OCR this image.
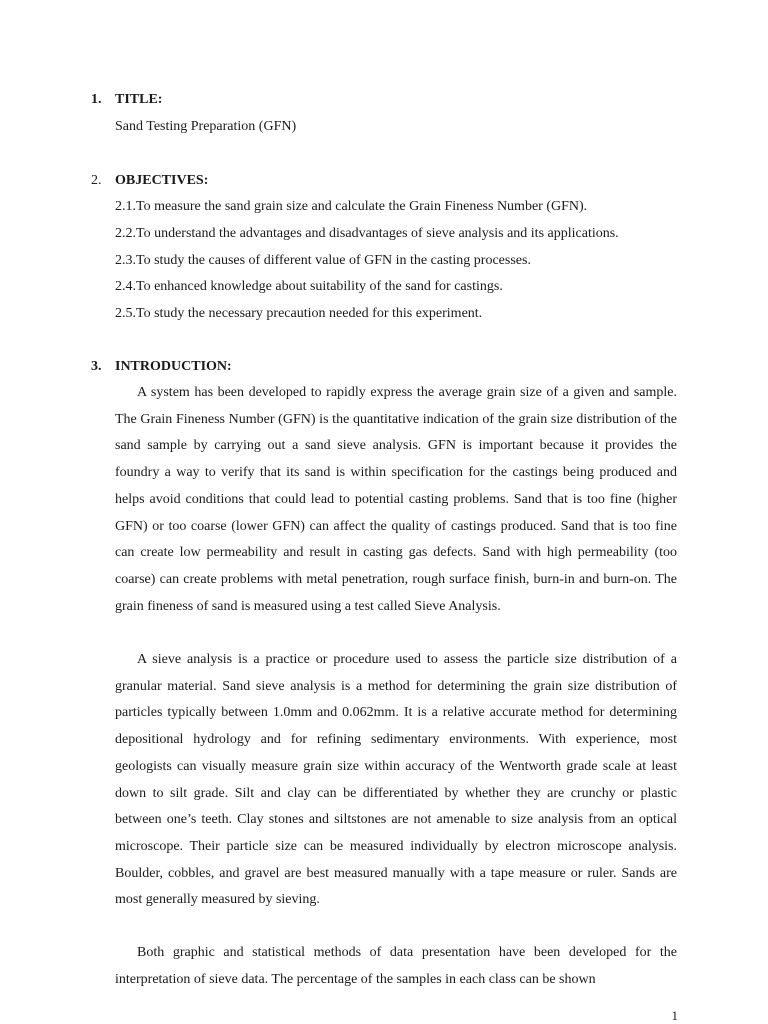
1. TITLE:
Sand Testing Preparation (GFN)
2. OBJECTIVES:
2.1.To measure the sand grain size and calculate the Grain Fineness Number (GFN).
2.2.To understand the advantages and disadvantages of sieve analysis and its applications.
2.3.To study the causes of different value of GFN in the casting processes.
2.4.To enhanced knowledge about suitability of the sand for castings.
2.5.To study the necessary precaution needed for this experiment.
3. INTRODUCTION:

A system has been developed to rapidly express the average grain size of a given and sample. The Grain Fineness Number (GFN) is the quantitative indication of the grain size distribution of the sand sample by carrying out a sand sieve analysis. GFN is important because it provides the foundry a way to verify that its sand is within specification for the castings being produced and helps avoid conditions that could lead to potential casting problems. Sand that is too fine (higher GFN) or too coarse (lower GFN) can affect the quality of castings produced. Sand that is too fine can create low permeability and result in casting gas defects. Sand with high permeability (too coarse) can create problems with metal penetration, rough surface finish, burn-in and burn-on. The grain fineness of sand is measured using a test called Sieve Analysis.

A sieve analysis is a practice or procedure used to assess the particle size distribution of a granular material. Sand sieve analysis is a method for determining the grain size distribution of particles typically between 1.0mm and 0.062mm. It is a relative accurate method for determining depositional hydrology and for refining sedimentary environments. With experience, most geologists can visually measure grain size within accuracy of the Wentworth grade scale at least down to silt grade. Silt and clay can be differentiated by whether they are crunchy or plastic between one’s teeth. Clay stones and siltstones are not amenable to size analysis from an optical microscope. Their particle size can be measured individually by electron microscope analysis. Boulder, cobbles, and gravel are best measured manually with a tape measure or ruler. Sands are most generally measured by sieving.

Both graphic and statistical methods of data presentation have been developed for the interpretation of sieve data. The percentage of the samples in each class can be shown

1
